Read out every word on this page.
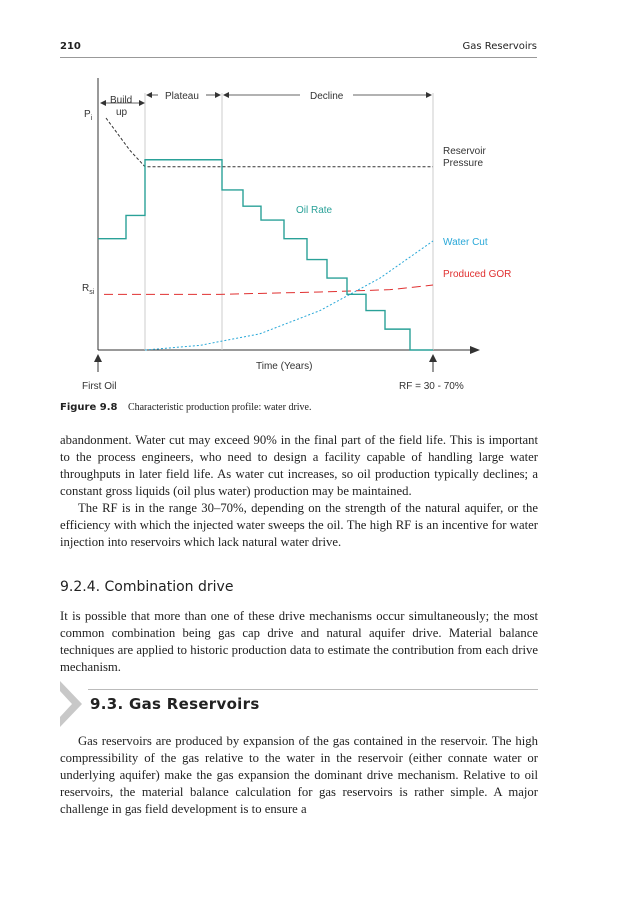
210	Gas Reservoirs
Build
up
Plateau	Decline
$P_i$
$R_{si}$
Reservoir
Pressure
Oil Rate
Water Cut
Produced GOR
First Oil	RF = 30 - 70%
Time (Years)
Figure 9.8 Characteristic production profile: water drive.

abandonment. Water cut may exceed 90% in the final part of the field life. This is important to the process engineers, who need to design a facility capable of handling large water throughputs in later field life. As water cut increases, so oil production typically declines; a constant gross liquids (oil plus water) production may be maintained.

The RF is in the range 30–70%, depending on the strength of the natural aquifer, or the efficiency with which the injected water sweeps the oil. The high RF is an incentive for water injection into reservoirs which lack natural water drive.

9.2.4. Combination drive

It is possible that more than one of these drive mechanisms occur simultaneously; the most common combination being gas cap drive and natural aquifer drive. Material balance techniques are applied to historic production data to estimate the contribution from each drive mechanism.

9.3. Gas Reservoirs

Gas reservoirs are produced by expansion of the gas contained in the reservoir. The high compressibility of the gas relative to the water in the reservoir (either connate water or underlying aquifer) make the gas expansion the dominant drive mechanism. Relative to oil reservoirs, the material balance calculation for gas reservoirs is rather simple. A major challenge in gas field development is to ensure a
